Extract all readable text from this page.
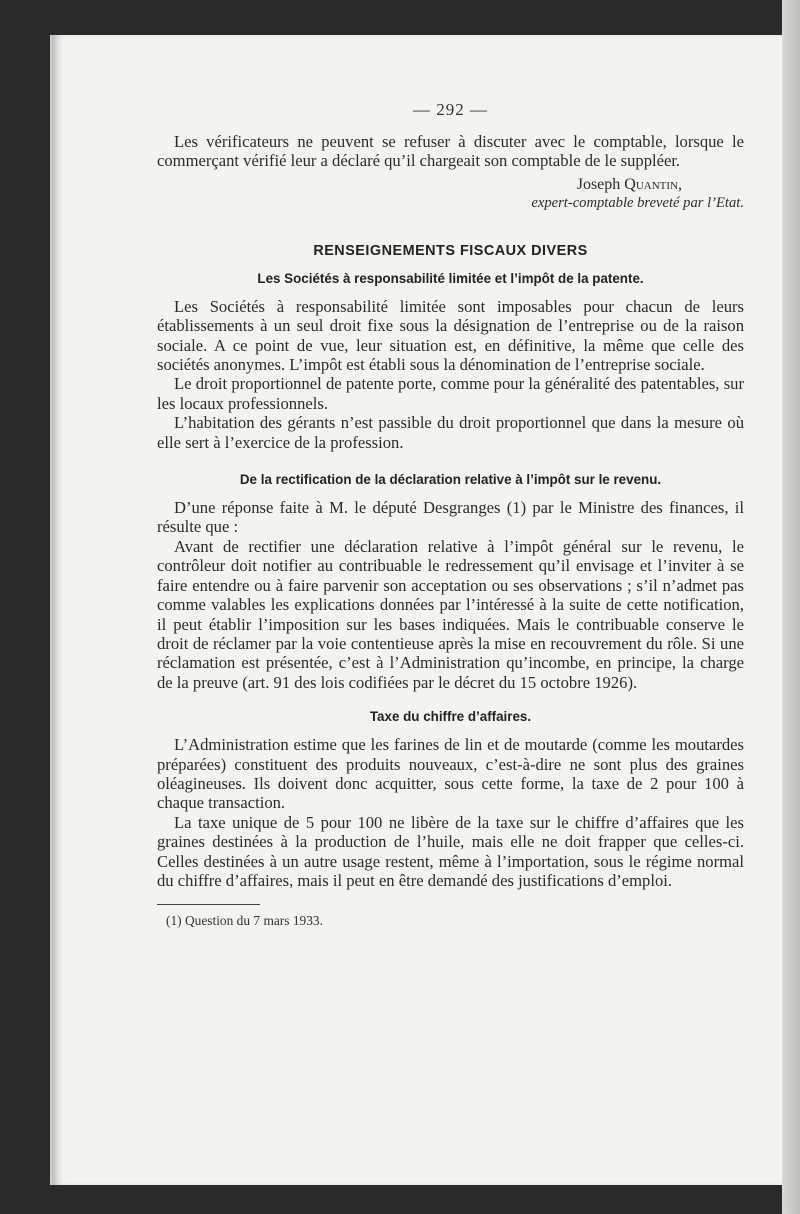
— 292 —

Les vérificateurs ne peuvent se refuser à discuter avec le comptable, lorsque le commerçant vérifié leur a déclaré qu’il chargeait son comptable de le suppléer.

Joseph Quantin,
expert-comptable breveté par l’Etat.
RENSEIGNEMENTS FISCAUX DIVERS
Les Sociétés à responsabilité limitée et l’impôt de la patente.

Les Sociétés à responsabilité limitée sont imposables pour chacun de leurs établissements à un seul droit fixe sous la désignation de l’entreprise ou de la raison sociale. A ce point de vue, leur situation est, en définitive, la même que celle des sociétés anonymes. L’impôt est établi sous la dénomination de l’entreprise sociale.

Le droit proportionnel de patente porte, comme pour la généralité des patentables, sur les locaux professionnels.

L’habitation des gérants n’est passible du droit proportionnel que dans la mesure où elle sert à l’exercice de la profession.

De la rectification de la déclaration relative à l’impôt sur le revenu.

D’une réponse faite à M. le député Desgranges (1) par le Ministre des finances, il résulte que :

Avant de rectifier une déclaration relative à l’impôt général sur le revenu, le contrôleur doit notifier au contribuable le redressement qu’il envisage et l’inviter à se faire entendre ou à faire parvenir son acceptation ou ses observations ; s’il n’admet pas comme valables les explications données par l’intéressé à la suite de cette notification, il peut établir l’imposition sur les bases indiquées. Mais le contribuable conserve le droit de réclamer par la voie contentieuse après la mise en recouvrement du rôle. Si une réclamation est présentée, c’est à l’Administration qu’incombe, en principe, la charge de la preuve (art. 91 des lois codifiées par le décret du 15 octobre 1926).

Taxe du chiffre d’affaires.

L’Administration estime que les farines de lin et de moutarde (comme les moutardes préparées) constituent des produits nouveaux, c’est-à-dire ne sont plus des graines oléagineuses. Ils doivent donc acquitter, sous cette forme, la taxe de 2 pour 100 à chaque transaction.

La taxe unique de 5 pour 100 ne libère de la taxe sur le chiffre d’affaires que les graines destinées à la production de l’huile, mais elle ne doit frapper que celles-ci. Celles destinées à un autre usage restent, même à l’importation, sous le régime normal du chiffre d’affaires, mais il peut en être demandé des justifications d’emploi.

(1) Question du 7 mars 1933.
